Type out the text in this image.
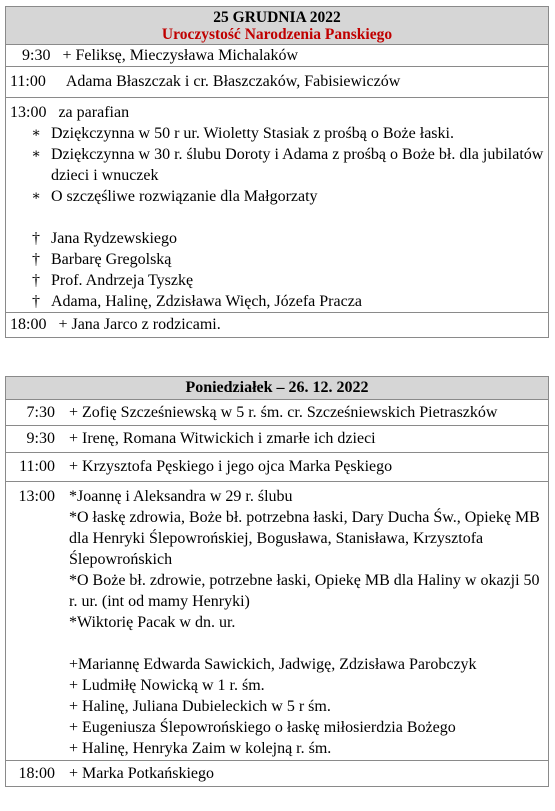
25 GRUDNIA 2022
Uroczystość Narodzenia Panskiego
9:30 + Feliksę, Mieczysława Michalaków
11:00 Adama Błaszczak i cr. Błaszczaków, Fabisiewiczów
13:00 za parafian
∗ Dziękczynna w 50 r ur. Wioletty Stasiak z prośbą o Boże łaski.
∗ Dziękczynna w 30 r. ślubu Doroty i Adama z prośbą o Boże bł. dla jubilatów dzieci i wnuczek
∗ O szczęśliwe rozwiązanie dla Małgorzaty
† Jana Rydzewskiego
† Barbarę Gregolską
† Prof. Andrzeja Tyszkę
† Adama, Halinę, Zdzisława Więch, Józefa Pracza
18:00 + Jana Jarco z rodzicami.
Poniedziałek – 26. 12. 2022
7:30 + Zofię Szcześniewską w 5 r. śm. cr. Szcześniewskich Pietraszków
9:30 + Irenę, Romana Witwickich i zmarłe ich dzieci
11:00 + Krzysztofa Pęskiego i jego ojca Marka Pęskiego
13:00 *Joannę i Aleksandra w 29 r. ślubu
*O łaskę zdrowia, Boże bł. potrzebna łaski, Dary Ducha Św., Opiekę MB dla Henryki Ślepowrońskiej, Bogusława, Stanisława, Krzysztofa Ślepowrońskich
*O Boże bł. zdrowie, potrzebne łaski, Opiekę MB dla Haliny w okazji 50 r. ur. (int od mamy Henryki)
*Wiktorię Pacak w dn. ur.
+Mariannę Edwarda Sawickich, Jadwigę, Zdzisława Parobczyk
+ Ludmiłę Nowicką w 1 r. śm.
+ Halinę, Juliana Dubieleckich w 5 r śm.
+ Eugeniusza Ślepowrońskiego o łaskę miłosierdzia Bożego
+ Halinę, Henryka Zaim w kolejną r. śm.
18:00 + Marka Potkańskiego
